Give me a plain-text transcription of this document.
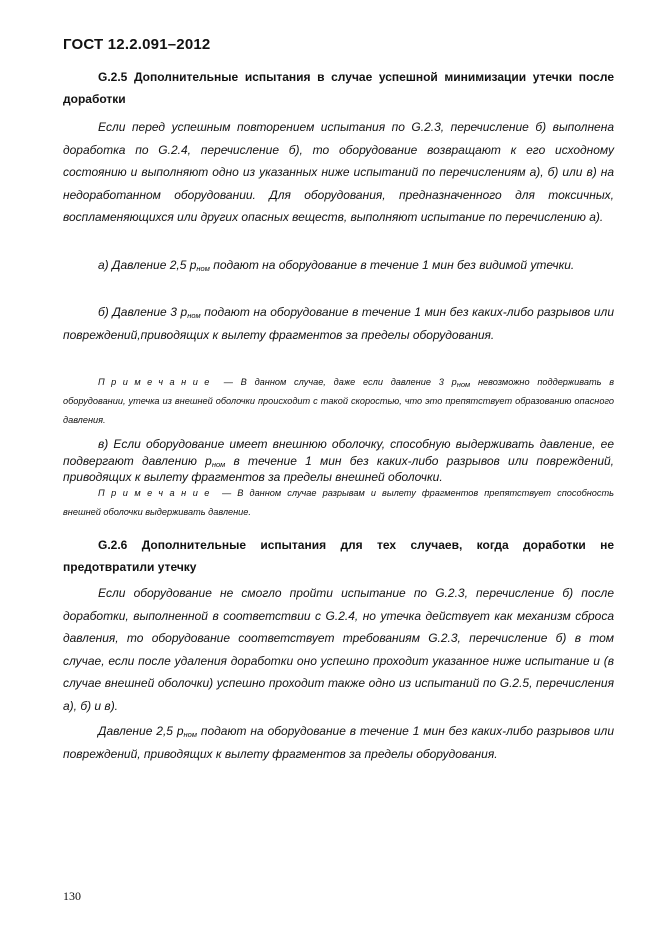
ГОСТ 12.2.091–2012
G.2.5 Дополнительные испытания в случае успешной минимизации утечки после доработки

Если перед успешным повторением испытания по G.2.3, перечисление б) выполнена доработка по G.2.4, перечисление б), то оборудование возвращают к его исходному состоянию и выполняют одно из указанных ниже испытаний по перечислениям а), б) или в) на недоработанном оборудовании. Для оборудования, предназначенного для токсичных, воспламеняющихся или других опасных веществ, выполняют испытание по перечислению а).

а) Давление 2,5 $р_{ном}$ подают на оборудование в течение 1 мин без видимой утечки.

б) Давление 3 $р_{ном}$ подают на оборудование в течение 1 мин без каких-либо разрывов или повреждений,приводящих к вылету фрагментов за пределы оборудования.

Примечание — В данном случае, даже если давление 3 $р_{ном}$ невозможно поддерживать в оборудовании, утечка из внешней оболочки происходит с такой скоростью, что это препятствует образованию опасного давления.

в) Если оборудование имеет внешнюю оболочку, способную выдерживать давление, ее подвергают давлению $р_{ном}$ в течение 1 мин без каких-либо разрывов или повреждений, приводящих к вылету фрагментов за пределы внешней оболочки.

Примечание — В данном случае разрывам и вылету фрагментов препятствует способность внешней оболочки выдерживать давление.

G.2.6 Дополнительные испытания для тех случаев, когда доработки не предотвратили утечку

Если оборудование не смогло пройти испытание по G.2.3, перечисление б) после доработки, выполненной в соответствии с G.2.4, но утечка действует как механизм сброса давления, то оборудование соответствует требованиям G.2.3, перечисление б) в том случае, если после удаления доработки оно успешно проходит указанное ниже испытание и (в случае внешней оболочки) успешно проходит также одно из испытаний по G.2.5, перечисления а), б) и в).

Давление 2,5 $р_{ном}$ подают на оборудование в течение 1 мин без каких-либо разрывов или повреждений, приводящих к вылету фрагментов за пределы оборудования.

130
